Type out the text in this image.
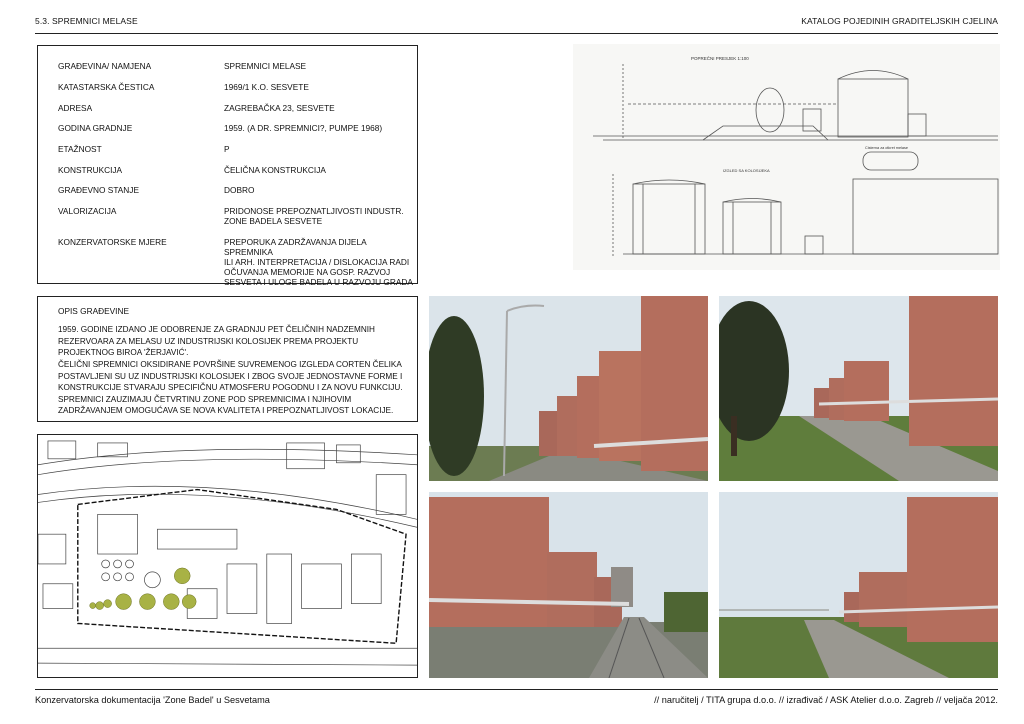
5.3. SPREMNICI MELASE	KATALOG POJEDINIH GRADITELJSKIH CJELINA
GRAĐEVINA/ NAMJENA	SPREMNICI MELASE
KATASTARSKA ČESTICA	1969/1 K.O. SESVETE
ADRESA	ZAGREBAČKA 23, SESVETE
GODINA GRADNJE	1959. (A DR. SPREMNICI?, PUMPE 1968)
ETAŽNOST	P
KONSTRUKCIJA	ČELIČNA KONSTRUKCIJA
GRAĐEVNO STANJE	DOBRO
VALORIZACIJA	PRIDONOSE PREPOZNATLJIVOSTI INDUSTR.
ZONE BADELA SESVETE
KONZERVATORSKE MJERE	PREPORUKA ZADRŽAVANJA DIJELA SPREMNIKA
ILI ARH. INTERPRETACIJA / DISLOKACIJA RADI
OČUVANJA MEMORIJE NA GOSP. RAZVOJ
SESVETA I ULOGE BADELA U RAZVOJU GRADA
OPIS GRAĐEVINE
1959. GODINE IZDANO JE ODOBRENJE ZA GRADNJU PET ČELIČNIH NADZEMNIH
REZERVOARA ZA MELASU UZ INDUSTRIJSKI KOLOSIJEK PREMA PROJEKTU
PROJEKTNOG BIROA 'ŽERJAVIĆ'.
ČELIČNI SPREMNICI OKSIDIRANE POVRŠINE SUVREMENOG IZGLEDA CORTEN ČELIKA
POSTAVLJENI SU UZ INDUSTRIJSKI KOLOSIJEK I ZBOG SVOJE JEDNOSTAVNE FORME I
KONSTRUKCIJE STVARAJU SPECIFIČNU ATMOSFERU POGODNU I ZA NOVU FUNKCIJU.
SPREMNICI ZAUZIMAJU ČETVRTINU ZONE POD SPREMNICIMA I NJIHOVIM
ZADRŽAVANJEM OMOGUĆAVA SE NOVA KVALITETA I PREPOZNATLJIVOST LOKACIJE.
POPREČNI PRESJEK 1:100
IZGLED SA KOLOSIJEKA
Cisterna za otkret melase
Konzervatorska dokumentacija 'Zone Badel' u Sesvetama	// naručitelj / TITA grupa d.o.o. // izrađivač / ASK Atelier d.o.o. Zagreb // veljača 2012.
